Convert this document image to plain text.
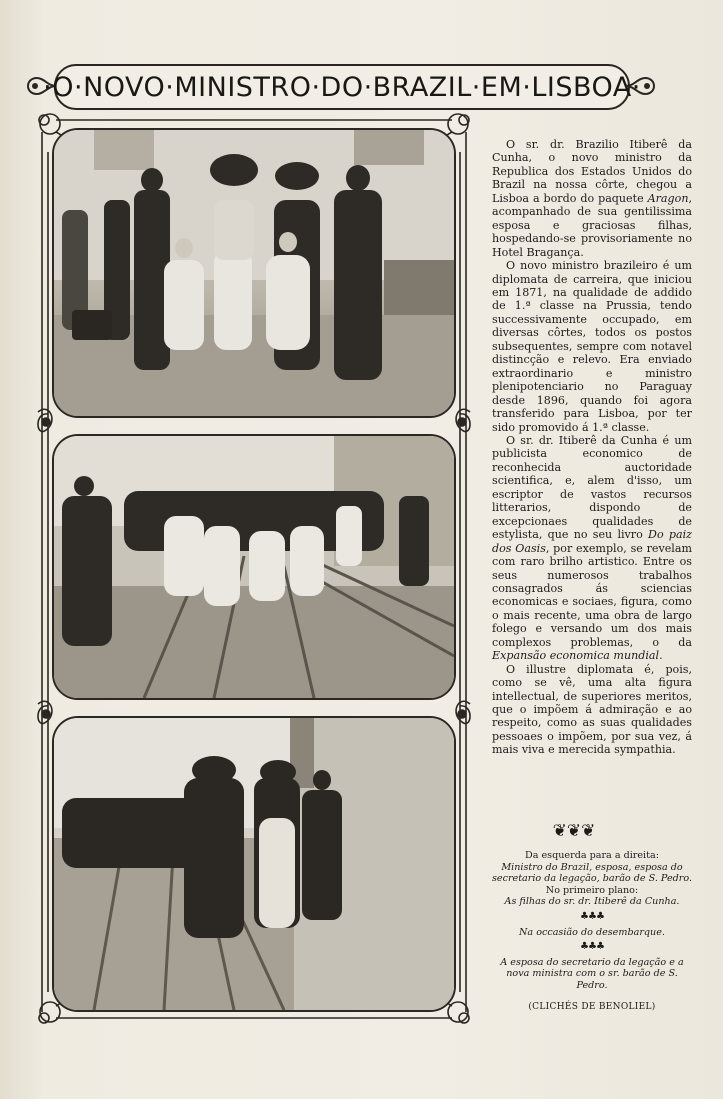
·O·NOVO·MINISTRO·DO·BRAZIL·EM·LISBOA·

O sr. dr. Brazilio Itiberê da Cunha, o novo ministro da Republica dos Estados Unidos do Brazil na nossa côrte, chegou a Lisboa a bordo do paquete Aragon, acompanhado de sua gentilissima esposa e graciosas filhas, hospedando-se provisoriamente no Hotel Bragança.

O novo ministro brazileiro é um diplomata de carreira, que iniciou em 1871, na qualidade de addido de 1.ª classe na Prussia, tendo successivamente occupado, em diversas côrtes, todos os postos subsequentes, sempre com notavel distincção e relevo. Era enviado extraordinario e ministro plenipotenciario no Paraguay desde 1896, quando foi agora transferido para Lisboa, por ter sido promovido á 1.ª classe.

O sr. dr. Itiberê da Cunha é um publicista economico de reconhecida auctoridade scientifica, e, alem d'isso, um escriptor de vastos recursos litterarios, dispondo de excepcionaes qualidades de estylista, que no seu livro Do paiz dos Oasis, por exemplo, se revelam com raro brilho artistico. Entre os seus numerosos trabalhos consagrados ás sciencias economicas e sociaes, figura, como o mais recente, uma obra de largo folego e versando um dos mais complexos problemas, o da Expansão economica mundial.

O illustre diplomata é, pois, como se vê, uma alta figura intellectual, de superiores meritos, que o impõem á admiração e ao respeito, como as suas qualidades pessoaes o impõem, por sua vez, á mais viva e merecida sympathia.

❦❦❦
Da esquerda para a direita:
Ministro do Brazil, esposa, esposa do secretario da legação, barão de S. Pedro.
No primeiro plano:
As filhas do sr. dr. Itiberê da Cunha.
♣♣♣
Na occasião do desembarque.
♣♣♣
A esposa do secretario da legação e a nova ministra com o sr. barão de S. Pedro.
(CLICHÉS DE BENOLIEL)
